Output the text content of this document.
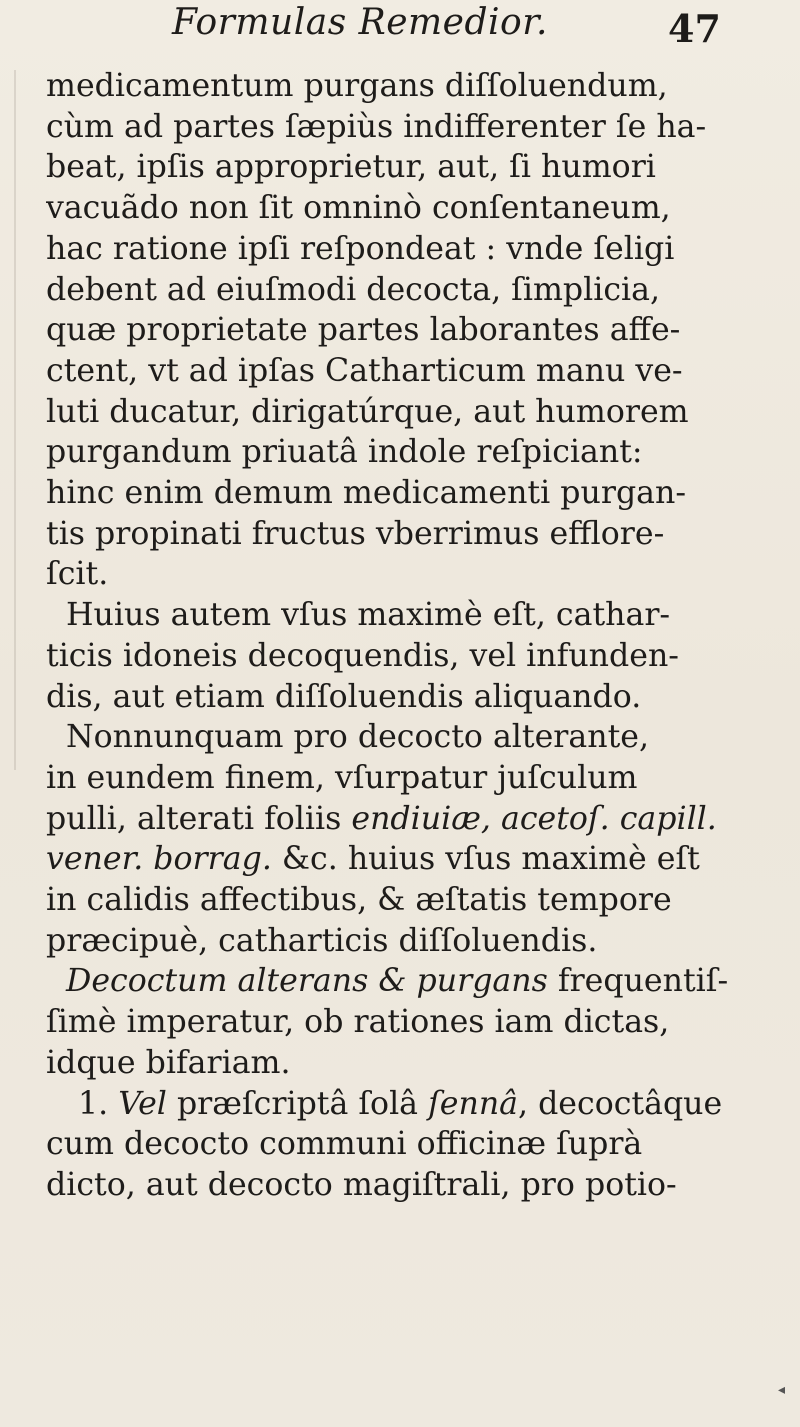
Formulas Remedior.	47
medicamentum purgans diſſoluendum,
cùm ad partes ſæpiùs indifferenter ſe ha-
beat, ipſis approprietur, aut, ſi humori
vacuãdo non ſit omninò conſentaneum,
hac ratione ipſi reſpondeat : vnde ſeligi
debent ad eiuſmodi decocta, ſimplicia,
quæ proprietate partes laborantes affe-
ctent, vt ad ipſas Catharticum manu ve-
luti ducatur, dirigatúrque, aut humorem
purgandum priuatâ indole reſpiciant:
hinc enim demum medicamenti purgan-
tis propinati fructus vberrimus efflore-
ſcit.
Huius autem vſus maximè eſt, cathar-
ticis idoneis decoquendis, vel infunden-
dis, aut etiam diſſoluendis aliquando.
Nonnunquam pro decocto alterante,
in eundem finem, vſurpatur juſculum
pulli, alterati foliis endiuiæ, acetoſ. capill.
vener. borrag. &c. huius vſus maximè eſt
in calidis affectibus, & æſtatis tempore
præcipuè, catharticis diſſoluendis.
Decoctum alterans & purgans frequentiſ-
ſimè imperatur, ob rationes iam dictas,
idque bifariam.
1. Vel præſcriptâ ſolâ ſennâ, decoctâque
cum decocto communi officinæ ſuprà
dicto, aut decocto magiſtrali, pro potio-
◂
